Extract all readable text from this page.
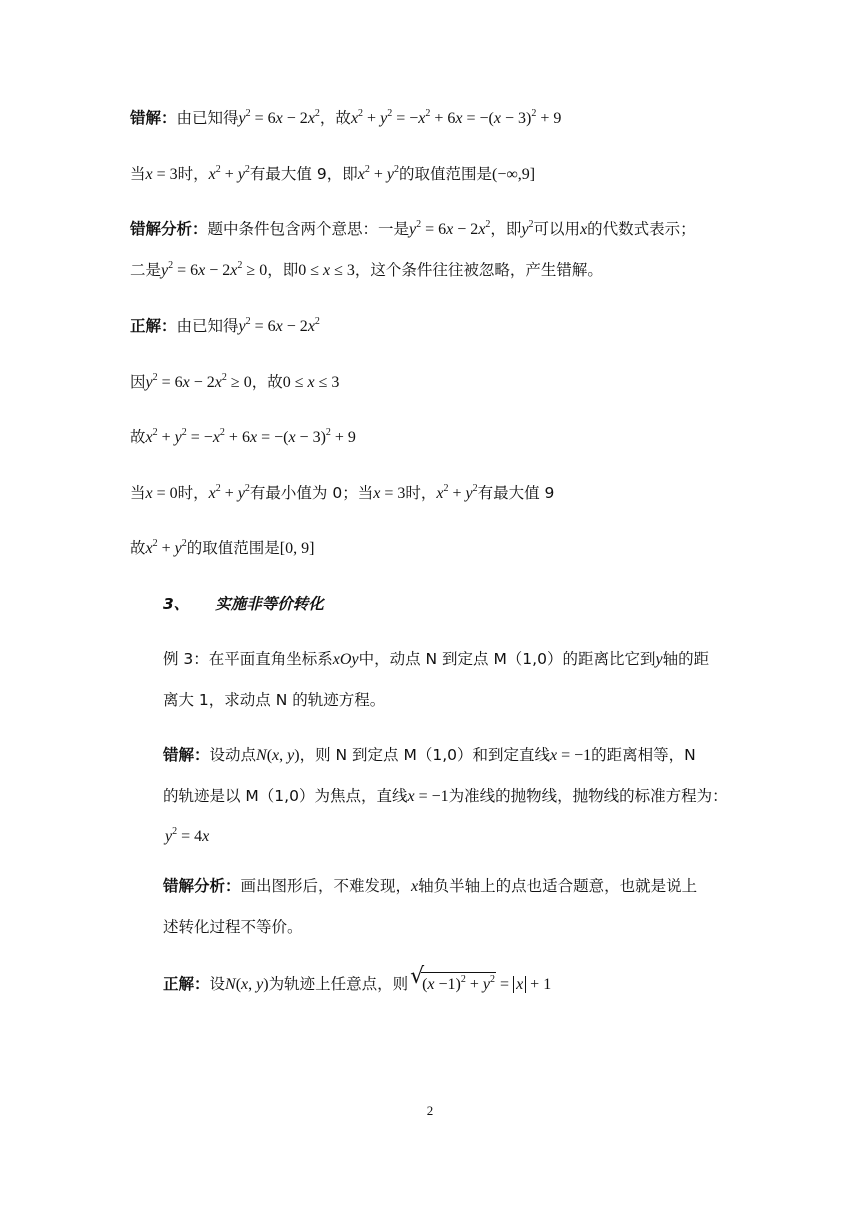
错解：由已知得$y^2 = 6x - 2x^2$，故$x^2 + y^2 = -x^2 + 6x = -(x - 3)^2 + 9$
当x = 3时，$x^2 + y^2$有最大值 9，即$x^2 + y^2$的取值范围是(−∞,9]
错解分析：题中条件包含两个意思：一是$y^2 = 6x - 2x^2$，即$y^2$可以用x的代数式表示；
二是$y^2 = 6x - 2x^2 \ge 0$，即0 ≤ x ≤ 3，这个条件往往被忽略，产生错解。
正解：由已知得$y^2 = 6x - 2x^2$
因$y^2 = 6x - 2x^2 \ge 0$，故0 ≤ x ≤ 3
故$x^2 + y^2 = -x^2 + 6x = -(x - 3)^2 + 9$
当x = 0时，$x^2 + y^2$有最小值为 0；当x = 3时，$x^2 + y^2$有最大值 9
故$x^2 + y^2$的取值范围是[0, 9]
3、 实施非等价转化
例 3：在平面直角坐标系xOy中，动点 N 到定点 M（1,0）的距离比它到y轴的距
离大 1，求动点 N 的轨迹方程。
错解：设动点N(x, y)，则 N 到定点 M（1,0）和到定直线x = −1的距离相等，N
的轨迹是以 M（1,0）为焦点，直线x = −1为准线的抛物线，抛物线的标准方程为：
$y^2 = 4x$
错解分析：画出图形后，不难发现，x轴负半轴上的点也适合题意，也就是说上
述转化过程不等价。
正解：设N(x, y)为轨迹上任意点，则 √
$(x -1)^2 + y^2 = x + 1$
2
